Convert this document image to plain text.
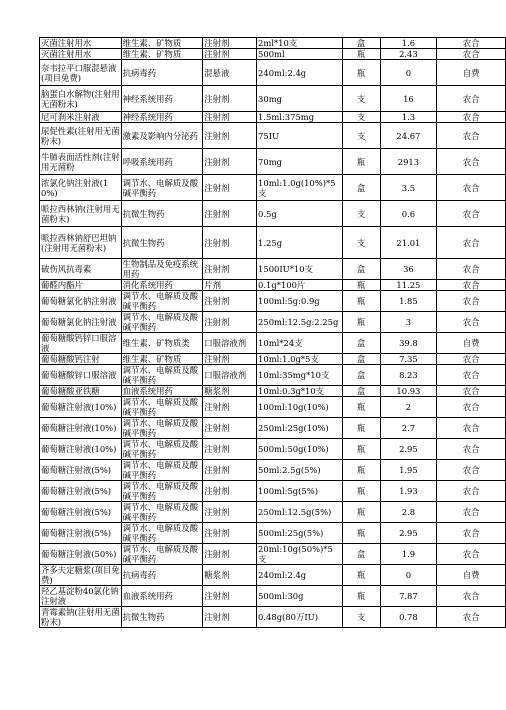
灭菌注射用水	维生素、矿物质	注射剂	2ml*10支	盒	1.6	农合
灭菌注射用水	维生素、矿物质	注射剂	500ml	瓶	2.43	农合
奈韦拉平口服混悬液(项目免费)	抗病毒药	混悬液	240ml:2.4g	瓶	0	自费
脑蛋白水解物(注射用无菌粉末)	神经系统用药	注射剂	30mg	支	16	农合
尼可刹米注射液	神经系统用药	注射剂	1.5ml:375mg	支	1.3	农合
尿促性素(注射用无菌粉末)	激素及影响内分泌药	注射剂	75IU	支	24.67	农合
牛肺表面活性剂(注射用无菌粉	呼吸系统用药	注射剂	70mg	瓶	2913	农合
浓氯化钠注射液(10%)	调节水、电解质及酸碱平衡药	注射剂	10ml:1.0g(10%)*5支	盒	3.5	农合
哌拉西林钠(注射用无菌粉末)	抗微生物药	注射剂	0.5g	支	0.6	农合
哌拉西林钠舒巴坦钠(注射用无菌粉末)	抗微生物药	注射剂	1.25g	支	21.01	农合
破伤风抗毒素	生物制品及免疫系统用药	注射剂	1500IU*10支	盒	36	农合
葡醛内酯片	消化系统用药	片剂	0.1g*100片	瓶	11.25	农合
葡萄糖氯化钠注射液	调节水、电解质及酸碱平衡药	注射剂	100ml:5g:0.9g	瓶	1.85	农合
葡萄糖氯化钠注射液	调节水、电解质及酸碱平衡药	注射剂	250ml:12.5g:2.25g	瓶	3	农合
葡萄糖酸钙锌口服溶液	维生素、矿物质类	口服溶液剂	10ml*24支	盒	39.8	自费
葡萄糖酸钙注射	维生素、矿物质	注射剂	10ml:1.0g*5支	盒	7.35	农合
葡萄糖酸锌口服溶液	调节水、电解质及酸碱平衡药	口服溶液剂	10ml:35mg*10支	盒	8.23	农合
葡萄糖酸亚铁糖	血液系统用药	糖浆剂	10ml:0.3g*10支	盒	10.93	农合
葡萄糖注射液(10%)	调节水、电解质及酸碱平衡药	注射剂	100ml:10g(10%)	瓶	2	农合
葡萄糖注射液(10%)	调节水、电解质及酸碱平衡药	注射剂	250ml:25g(10%)	瓶	2.7	农合
葡萄糖注射液(10%)	调节水、电解质及酸碱平衡药	注射剂	500ml:50g(10%)	瓶	2.95	农合
葡萄糖注射液(5%)	调节水、电解质及酸碱平衡药	注射剂	50ml:2.5g(5%)	瓶	1.95	农合
葡萄糖注射液(5%)	调节水、电解质及酸碱平衡药	注射剂	100ml:5g(5%)	瓶	1.93	农合
葡萄糖注射液(5%)	调节水、电解质及酸碱平衡药	注射剂	250ml:12.5g(5%)	瓶	2.8	农合
葡萄糖注射液(5%)	调节水、电解质及酸碱平衡药	注射剂	500ml:25g(5%)	瓶	2.95	农合
葡萄糖注射液(50%)	调节水、电解质及酸碱平衡药	注射剂	20ml:10g(50%)*5支	盒	1.9	农合
齐多夫定糖浆(项目免费)	抗病毒药	糖浆剂	240ml:2.4g	瓶	0	自费
羟乙基淀粉40氯化钠注射液	血液系统用药	注射剂	500ml:30g	瓶	7.87	农合
青霉素钠(注射用无菌粉末)	抗微生物药	注射剂	0.48g(80万IU)	支	0.78	农合
